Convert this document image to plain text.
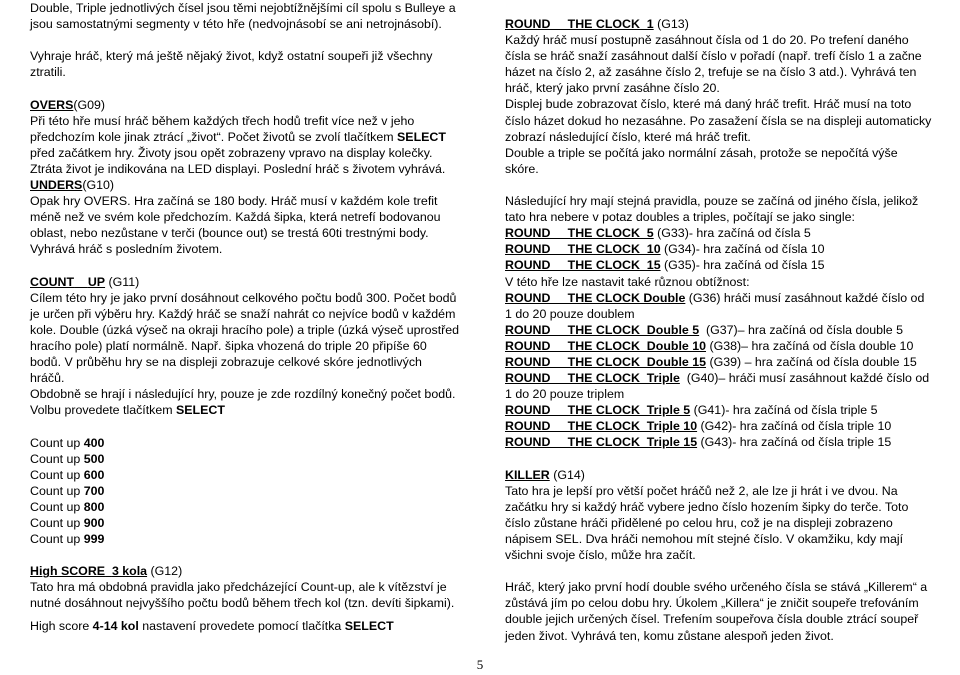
Double, Triple jednotlivých čísel jsou těmi nejobtížnějšími cíl spolu s Bulleye a
jsou samostatnými segmenty v této hře (nedvojnásobí se ani netrojnásobí).
Vyhraje hráč, který má ještě nějaký život, když ostatní soupeři již všechny
ztratili.
OVERS(G09)
Při této hře musí hráč během každých třech hodů trefit více než v jeho
předchozím kole jinak ztrácí „život“. Počet životů se zvolí tlačítkem SELECT
před začátkem hry. Životy jsou opět zobrazeny vpravo na display kolečky.
Ztráta život je indikována na LED displayi. Poslední hráč s životem vyhrává.
UNDERS(G10)
Opak hry OVERS. Hra začíná se 180 body. Hráč musí v každém kole trefit
méně než ve svém kole předchozím. Každá šipka, která netrefí bodovanou
oblast, nebo nezůstane v terči (bounce out) se trestá 60ti trestnými body.
Vyhrává hráč s posledním životem.
COUNT UP (G11)
Cílem této hry je jako první dosáhnout celkového počtu bodů 300. Počet bodů
je určen při výběru hry. Každý hráč se snaží nahrát co nejvíce bodů v každém
kole. Double (úzká výseč na okraji hracího pole) a triple (úzká výseč uprostřed
hracího pole) platí normálně. Např. šipka vhozená do triple 20 připíše 60
bodů. V průběhu hry se na displeji zobrazuje celkové skóre jednotlivých
hráčů.
Obdobně se hrají i následující hry, pouze je zde rozdílný konečný počet bodů.
Volbu provedete tlačítkem SELECT
Count up 400
Count up 500
Count up 600
Count up 700
Count up 800
Count up 900
Count up 999
High SCORE 3 kola (G12)
Tato hra má obdobná pravidla jako předcházející Count-up, ale k vítězství je
nutné dosáhnout nejvyššího počtu bodů během třech kol (tzn. devíti šipkami).
High score 4-14 kol nastavení provedete pomocí tlačítka SELECT
ROUND     THE CLOCK  1 (G13)
Každý hráč musí postupně zasáhnout čísla od 1 do 20. Po trefení daného
čísla se hráč snaží zasáhnout další číslo v pořadí (např. trefí číslo 1 a začne
házet na číslo 2, až zasáhne číslo 2, trefuje se na číslo 3 atd.). Vyhrává ten
hráč, který jako první zasáhne číslo 20.
Displej bude zobrazovat číslo, které má daný hráč trefit. Hráč musí na toto
číslo házet dokud ho nezasáhne. Po zasažení čísla se na displeji automaticky
zobrazí následující číslo, které má hráč trefit.
Double a triple se počítá jako normální zásah, protože se nepočítá výše
skóre.
Následující hry mají stejná pravidla, pouze se začíná od jiného čísla, jelikož
tato hra nebere v potaz doubles a triples, počítají se jako single:
ROUND     THE CLOCK  5 (G33)- hra začíná od čísla 5
ROUND     THE CLOCK  10 (G34)- hra začíná od čísla 10
ROUND     THE CLOCK  15 (G35)- hra začíná od čísla 15
V této hře lze nastavit také různou obtížnost:
ROUND     THE CLOCK Double (G36) hráči musí zasáhnout každé číslo od
1 do 20 pouze doublem
ROUND     THE CLOCK  Double 5  (G37)– hra začíná od čísla double 5
ROUND     THE CLOCK  Double 10 (G38)– hra začíná od čísla double 10
ROUND     THE CLOCK  Double 15 (G39) – hra začíná od čísla double 15
ROUND     THE CLOCK  Triple  (G40)– hráči musí zasáhnout každé číslo od
1 do 20 pouze triplem
ROUND     THE CLOCK  Triple 5 (G41)- hra začíná od čísla triple 5
ROUND     THE CLOCK  Triple 10 (G42)- hra začíná od čísla triple 10
ROUND     THE CLOCK  Triple 15 (G43)- hra začíná od čísla triple 15
KILLER (G14)
Tato hra je lepší pro větší počet hráčů než 2, ale lze ji hrát i ve dvou. Na
začátku hry si každý hráč vybere jedno číslo hozením šipky do terče. Toto
číslo zůstane hráči přidělené po celou hru, což je na displeji zobrazeno
nápisem SEL. Dva hráči nemohou mít stejné číslo. V okamžiku, kdy mají
všichni svoje číslo, může hra začít.
Hráč, který jako první hodí double svého určeného čísla se stává „Killerem“ a
zůstává jím po celou dobu hry. Úkolem „Killera“ je zničit soupeře trefováním
double jejich určených čísel. Trefením soupeřova čísla double ztrácí soupeř
jeden život. Vyhrává ten, komu zůstane alespoň jeden život.
5
